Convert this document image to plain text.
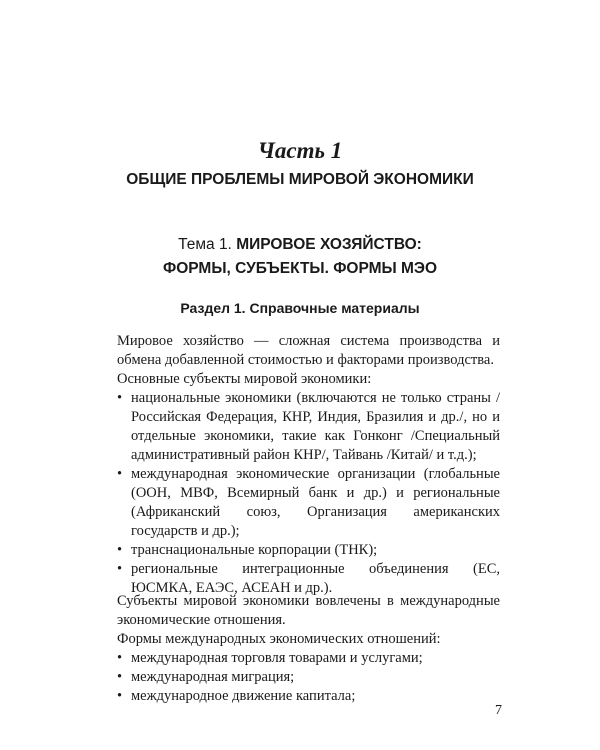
Часть 1
ОБЩИЕ ПРОБЛЕМЫ МИРОВОЙ ЭКОНОМИКИ
Тема 1. МИРОВОЕ ХОЗЯЙСТВО:
ФОРМЫ, СУБЪЕКТЫ. ФОРМЫ МЭО
Раздел 1. Справочные материалы

Мировое хозяйство — сложная система производства и обмена добавленной стоимостью и факторами производства.

Основные субъекты мировой экономики:

• национальные экономики (включаются не только страны /Российская Федерация, КНР, Индия, Бразилия и др./, но и отдельные экономики, такие как Гонконг /Специальный административный район КНР/, Тайвань /Китай/ и т.д.);
• международная экономические организации (глобальные (ООН, МВФ, Всемирный банк и др.) и региональные (Африканский союз, Организация американских государств и др.);
• транснациональные корпорации (ТНК);
• региональные интеграционные объединения (ЕС, ЮСМКА, ЕАЭС, АСЕАН и др.).

Субъекты мировой экономики вовлечены в международные экономические отношения.

Формы международных экономических отношений:

• международная торговля товарами и услугами;
• международная миграция;
• международное движение капитала;
7
